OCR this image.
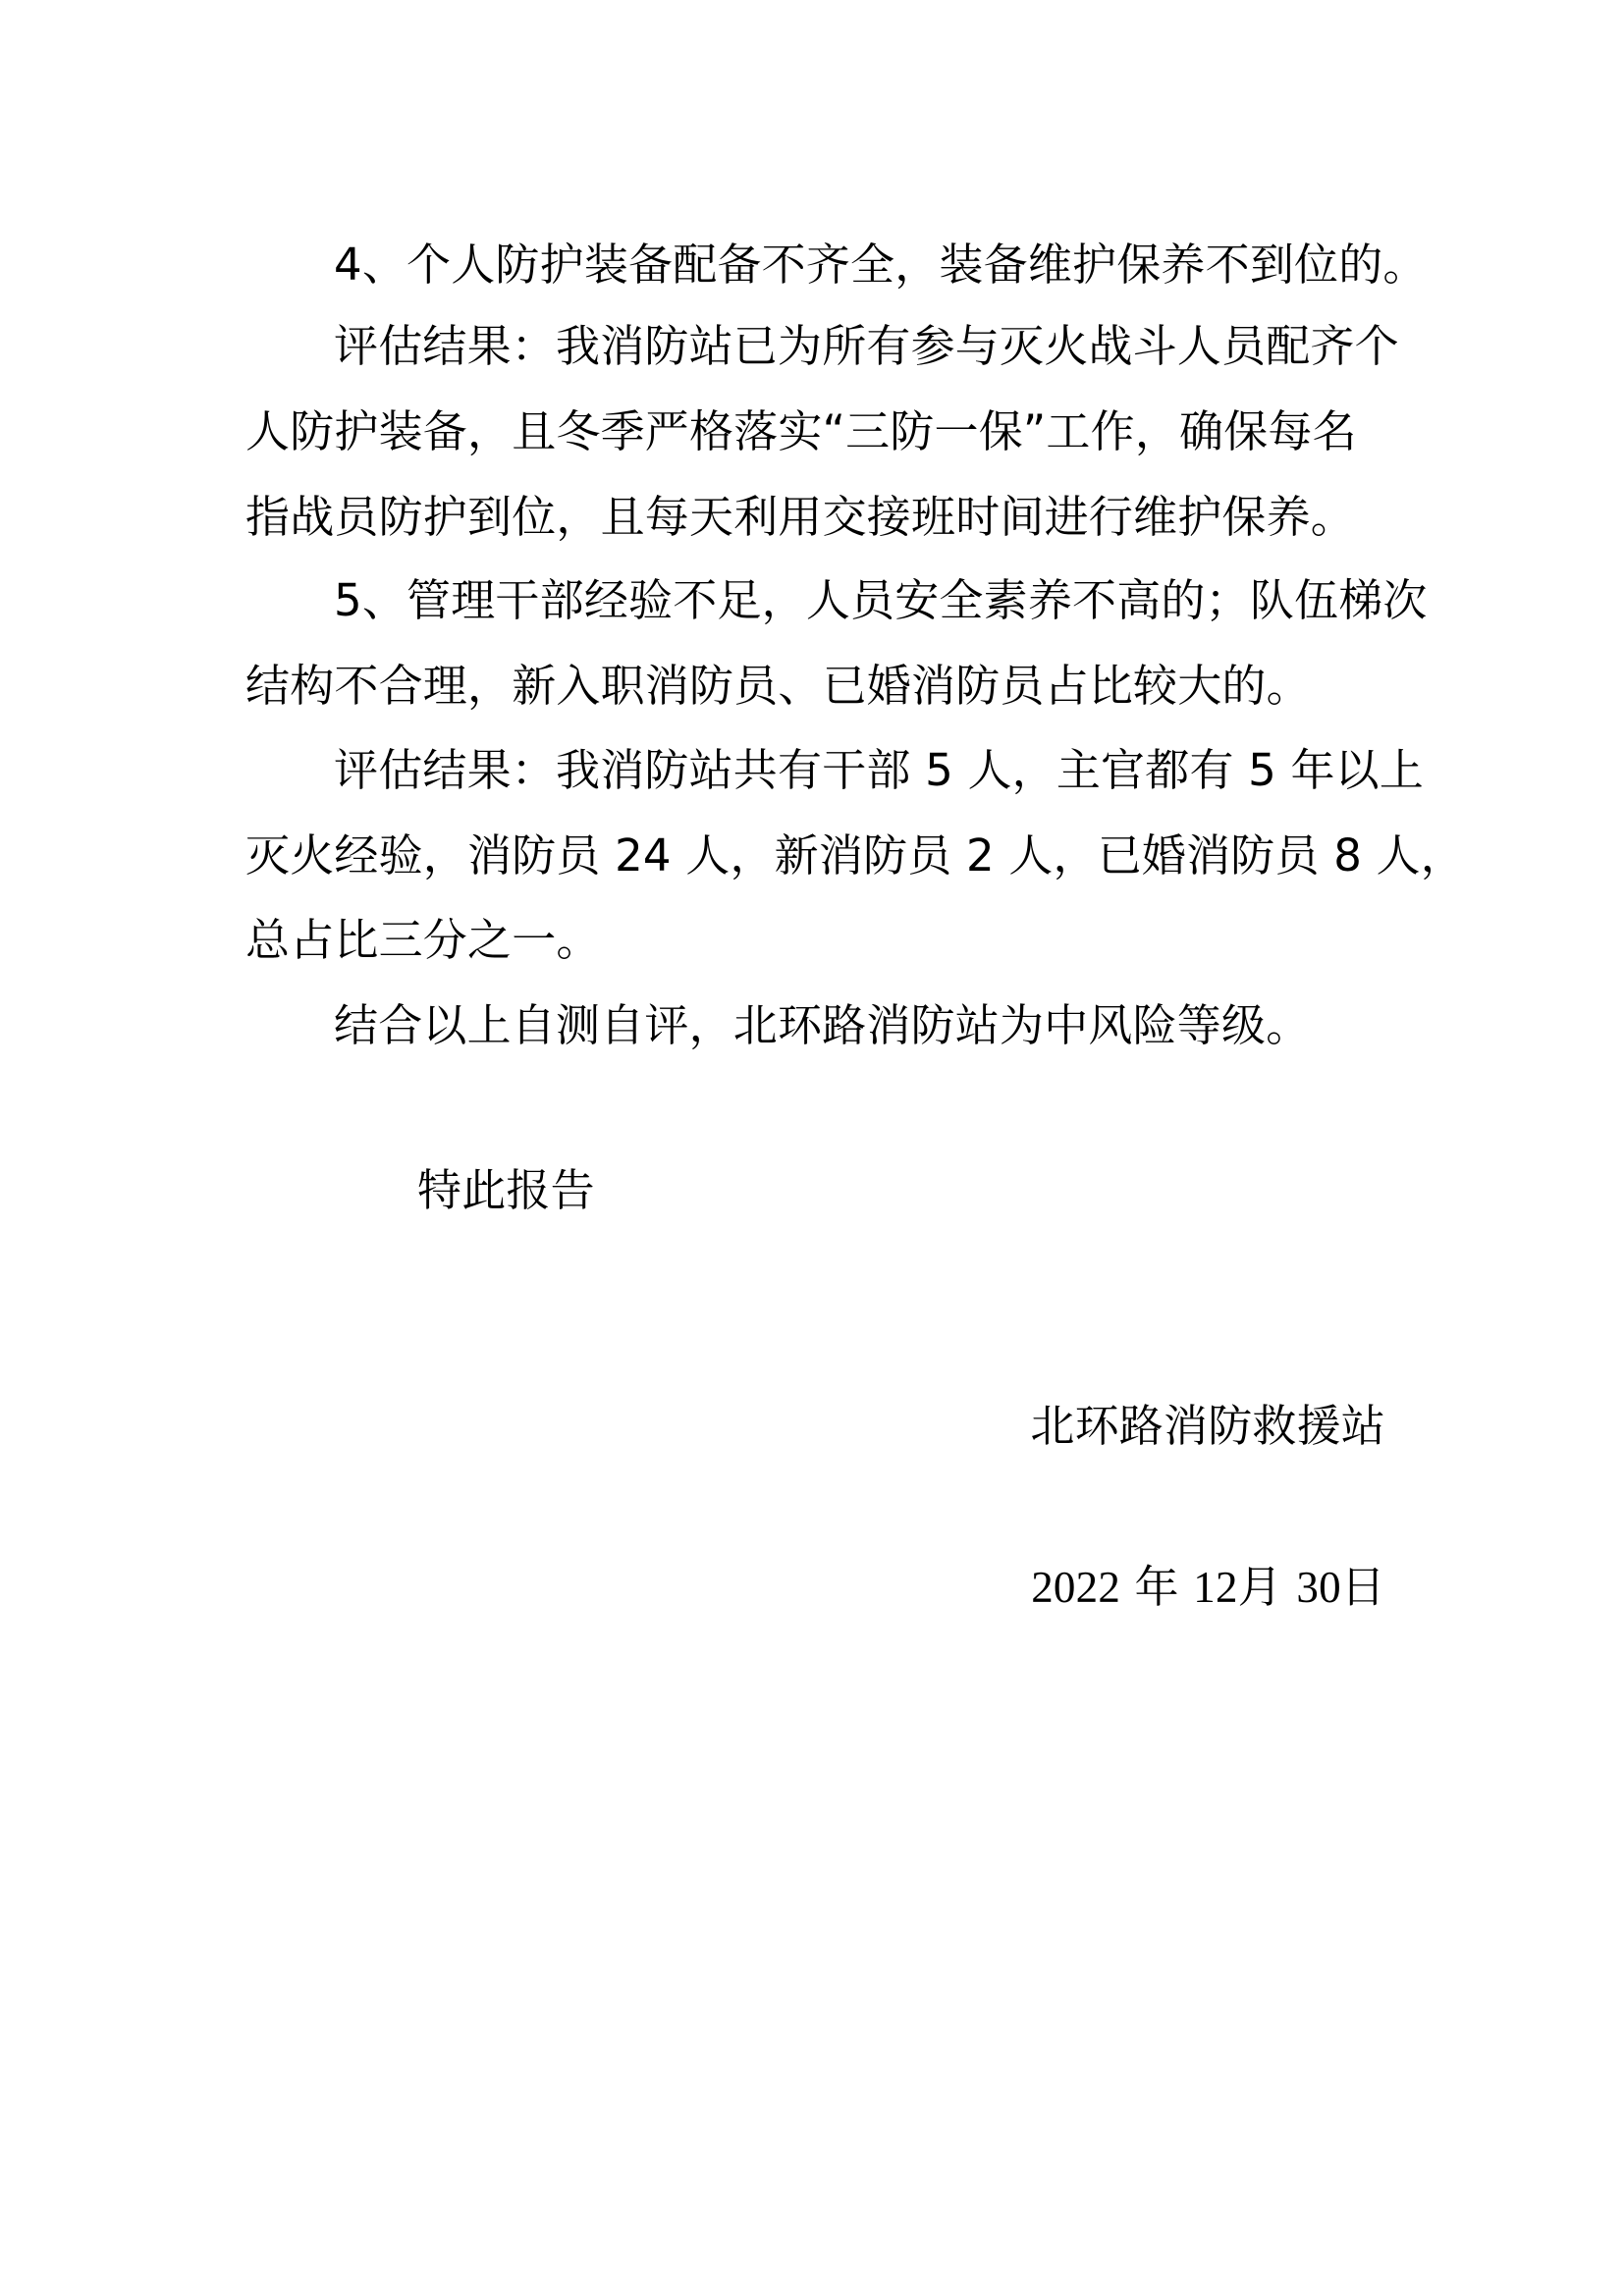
4、个人防护装备配备不齐全，装备维护保养不到位的。
评估结果：我消防站已为所有参与灭火战斗人员配齐个
人防护装备，且冬季严格落实“三防一保”工作，确保每名
指战员防护到位，且每天利用交接班时间进行维护保养。
5、管理干部经验不足，人员安全素养不高的；队伍梯次
结构不合理，新入职消防员、已婚消防员占比较大的。
评估结果：我消防站共有干部 5 人，主官都有 5 年以上
灭火经验，消防员 24 人，新消防员 2 人，已婚消防员 8 人，
总占比三分之一。
结合以上自测自评，北环路消防站为中风险等级。
特此报告
北环路消防救援站
2022 年 12月 30日
